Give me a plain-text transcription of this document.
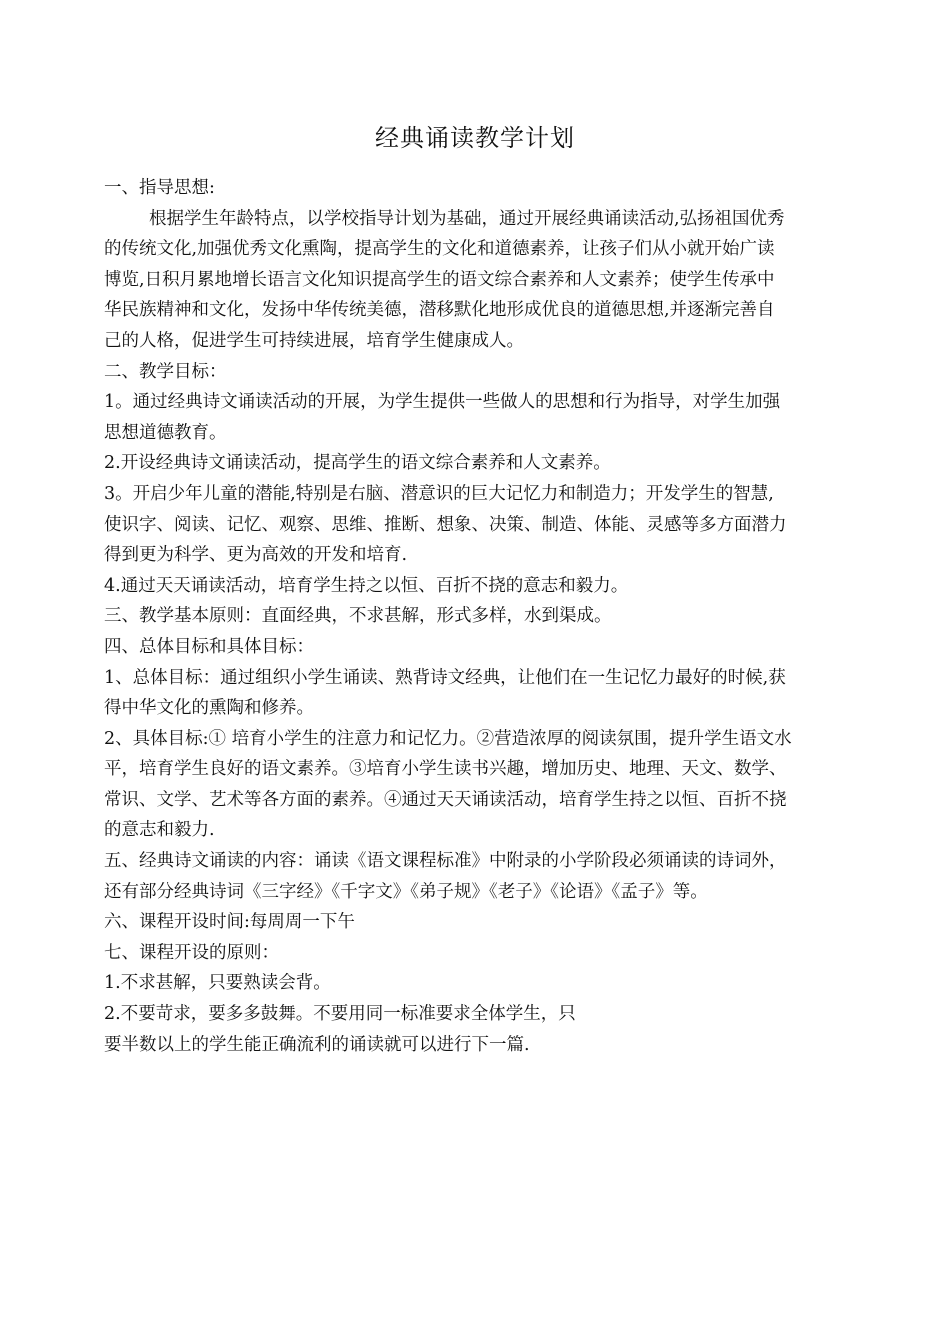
经典诵读教学计划
一、指导思想:
根据学生年龄特点，以学校指导计划为基础，通过开展经典诵读活动,弘扬祖国优秀
的传统文化,加强优秀文化熏陶，提高学生的文化和道德素养，让孩子们从小就开始广读
博览,日积月累地增长语言文化知识提高学生的语文综合素养和人文素养；使学生传承中
华民族精神和文化，发扬中华传统美德，潜移默化地形成优良的道德思想,并逐渐完善自
己的人格，促进学生可持续进展，培育学生健康成人。
二、教学目标：
1。通过经典诗文诵读活动的开展，为学生提供一些做人的思想和行为指导，对学生加强
思想道德教育。
2.开设经典诗文诵读活动，提高学生的语文综合素养和人文素养。
3。开启少年儿童的潜能,特别是右脑、潜意识的巨大记忆力和制造力；开发学生的智慧,
使识字、阅读、记忆、观察、思维、推断、想象、决策、制造、体能、灵感等多方面潜力
得到更为科学、更为高效的开发和培育.
4.通过天天诵读活动，培育学生持之以恒、百折不挠的意志和毅力。
三、教学基本原则：直面经典，不求甚解，形式多样，水到渠成。
四、总体目标和具体目标：
1、总体目标：通过组织小学生诵读、熟背诗文经典，让他们在一生记忆力最好的时候,获
得中华文化的熏陶和修养。
2、具体目标:① 培育小学生的注意力和记忆力。②营造浓厚的阅读氛围，提升学生语文水
平，培育学生良好的语文素养。③培育小学生读书兴趣，增加历史、地理、天文、数学、
常识、文学、艺术等各方面的素养。④通过天天诵读活动，培育学生持之以恒、百折不挠
的意志和毅力.
五、经典诗文诵读的内容：诵读《语文课程标准》中附录的小学阶段必须诵读的诗词外，
还有部分经典诗词《三字经》《千字文》《弟子规》《老子》《论语》《孟子》等。
六、课程开设时间:每周周一下午
七、课程开设的原则：
1.不求甚解，只要熟读会背。
2.不要苛求，要多多鼓舞。不要用同一标准要求全体学生，只
要半数以上的学生能正确流利的诵读就可以进行下一篇.
